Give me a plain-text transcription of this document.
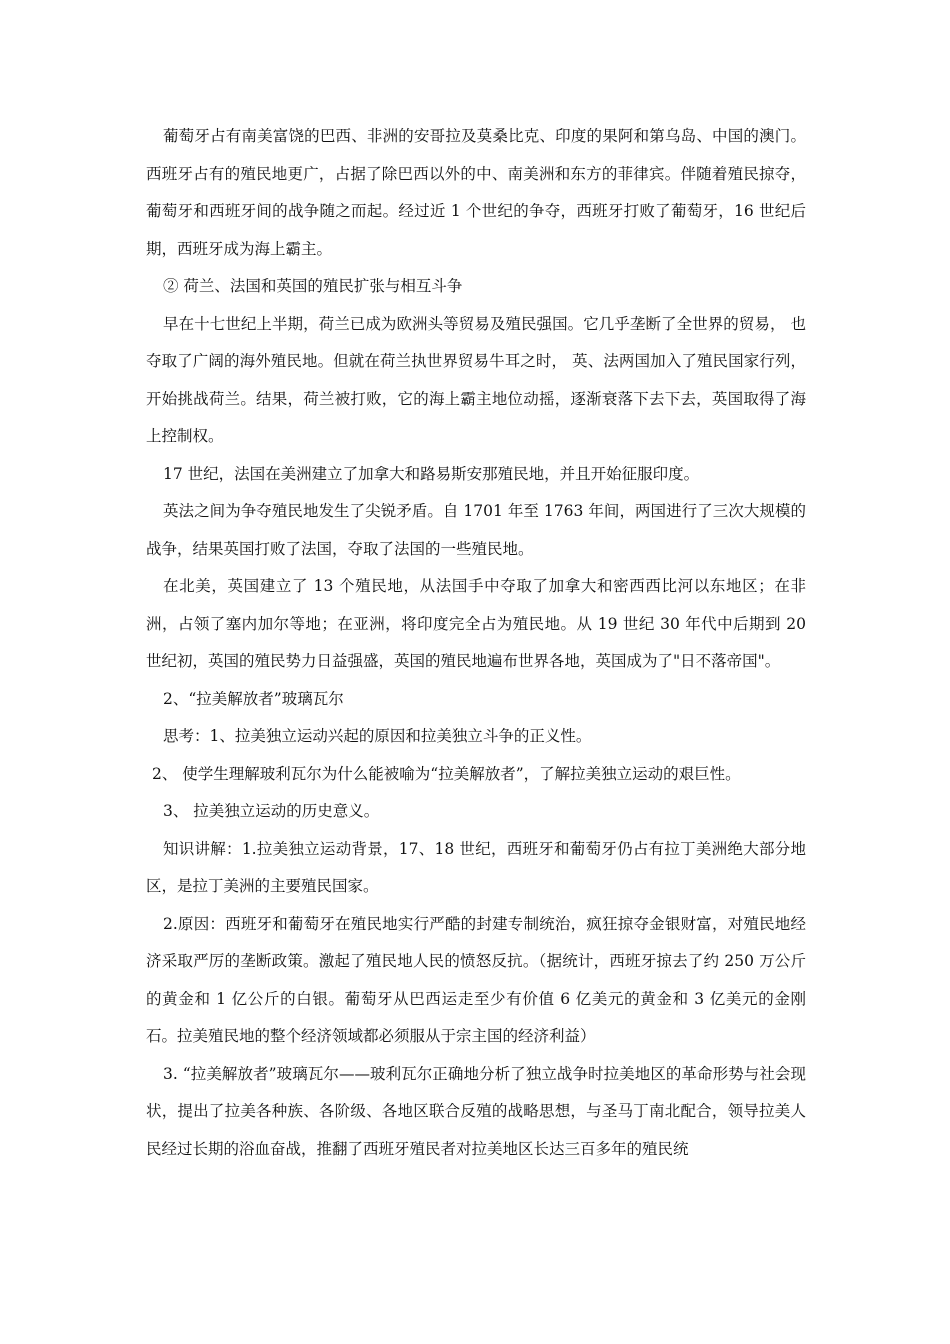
葡萄牙占有南美富饶的巴西、非洲的安哥拉及莫桑比克、印度的果阿和第乌岛、中国的澳门。西班牙占有的殖民地更广，占据了除巴西以外的中、南美洲和东方的菲律宾。伴随着殖民掠夺，葡萄牙和西班牙间的战争随之而起。经过近 1 个世纪的争夺，西班牙打败了葡萄牙，16 世纪后期，西班牙成为海上霸主。

② 荷兰、法国和英国的殖民扩张与相互斗争

早在十七世纪上半期，荷兰已成为欧洲头等贸易及殖民强国。它几乎垄断了全世界的贸易， 也夺取了广阔的海外殖民地。但就在荷兰执世界贸易牛耳之时， 英、法两国加入了殖民国家行列，开始挑战荷兰。结果，荷兰被打败，它的海上霸主地位动摇，逐渐衰落下去下去，英国取得了海上控制权。

17 世纪，法国在美洲建立了加拿大和路易斯安那殖民地，并且开始征服印度。

英法之间为争夺殖民地发生了尖锐矛盾。自 1701 年至 1763 年间，两国进行了三次大规模的战争，结果英国打败了法国，夺取了法国的一些殖民地。

在北美，英国建立了 13 个殖民地，从法国手中夺取了加拿大和密西西比河以东地区；在非洲，占领了塞内加尔等地；在亚洲，将印度完全占为殖民地。从 19 世纪 30 年代中后期到 20 世纪初，英国的殖民势力日益强盛，英国的殖民地遍布世界各地，英国成为了"日不落帝国"。

2、“拉美解放者”玻璃瓦尔

思考：1、拉美独立运动兴起的原因和拉美独立斗争的正义性。

2、 使学生理解玻利瓦尔为什么能被喻为“拉美解放者”，了解拉美独立运动的艰巨性。

3、 拉美独立运动的历史意义。

知识讲解：1.拉美独立运动背景，17、18 世纪，西班牙和葡萄牙仍占有拉丁美洲绝大部分地区，是拉丁美洲的主要殖民国家。

2.原因：西班牙和葡萄牙在殖民地实行严酷的封建专制统治，疯狂掠夺金银财富，对殖民地经济采取严厉的垄断政策。激起了殖民地人民的愤怒反抗。（据统计，西班牙掠去了约 250 万公斤的黄金和 1 亿公斤的白银。葡萄牙从巴西运走至少有价值 6 亿美元的黄金和 3 亿美元的金刚石。拉美殖民地的整个经济领域都必须服从于宗主国的经济利益）

3. “拉美解放者”玻璃瓦尔——玻利瓦尔正确地分析了独立战争时拉美地区的革命形势与社会现状，提出了拉美各种族、各阶级、各地区联合反殖的战略思想，与圣马丁南北配合，领导拉美人民经过长期的浴血奋战，推翻了西班牙殖民者对拉美地区长达三百多年的殖民统
